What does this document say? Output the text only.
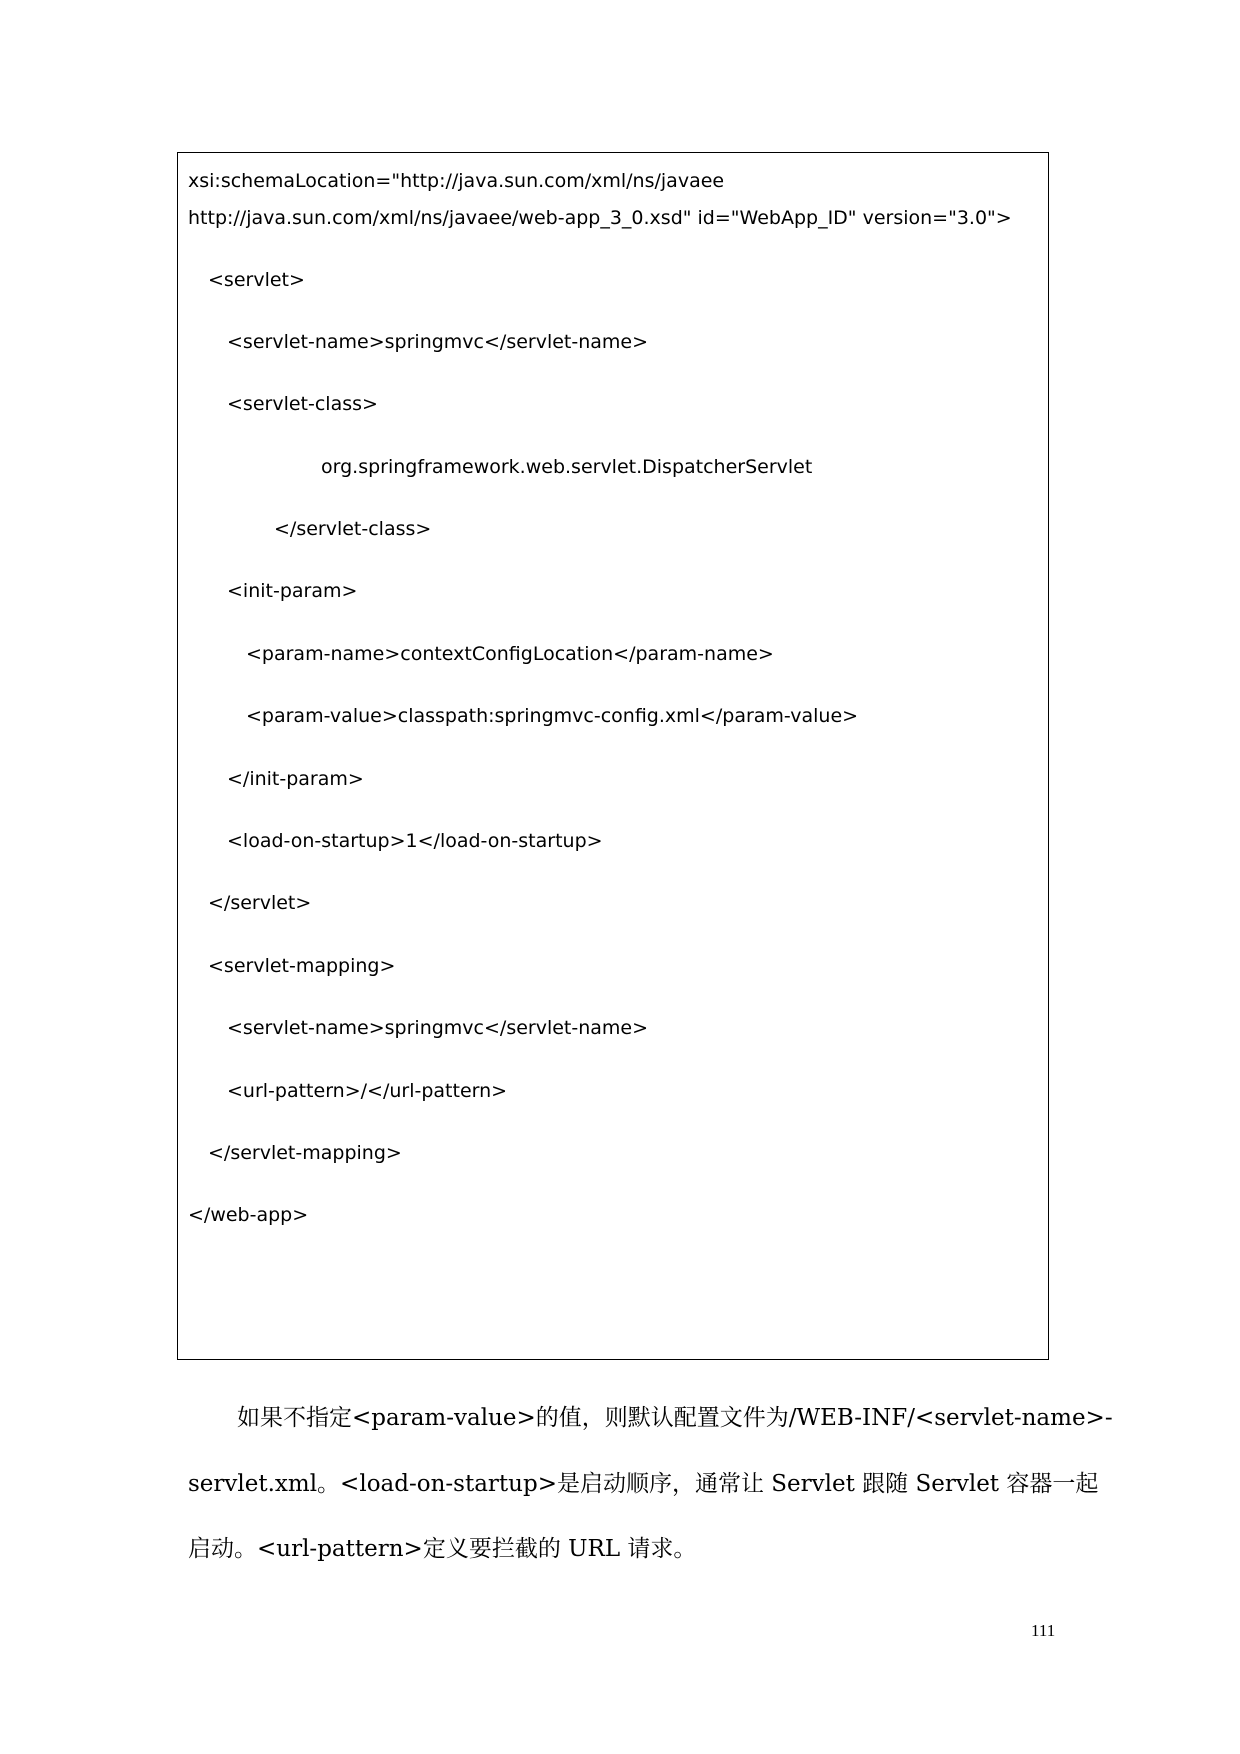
xsi:schemaLocation="http://java.sun.com/xml/ns/javaee
http://java.sun.com/xml/ns/javaee/web-app_3_0.xsd" id="WebApp_ID" version="3.0">
<servlet>
<servlet-name>springmvc</servlet-name>
<servlet-class>
org.springframework.web.servlet.DispatcherServlet
</servlet-class>
<init-param>
<param-name>contextConfigLocation</param-name>
<param-value>classpath:springmvc-config.xml</param-value>
</init-param>
<load-on-startup>1</load-on-startup>
</servlet>
<servlet-mapping>
<servlet-name>springmvc</servlet-name>
<url-pattern>/</url-pattern>
</servlet-mapping>
</web-app>
如果不指定<param-value>的值，则默认配置文件为/WEB-INF/<servlet-name>-
servlet.xml。<load-on-startup>是启动顺序，通常让 Servlet 跟随 Servlet 容器一起
启动。<url-pattern>定义要拦截的 URL 请求。
111
